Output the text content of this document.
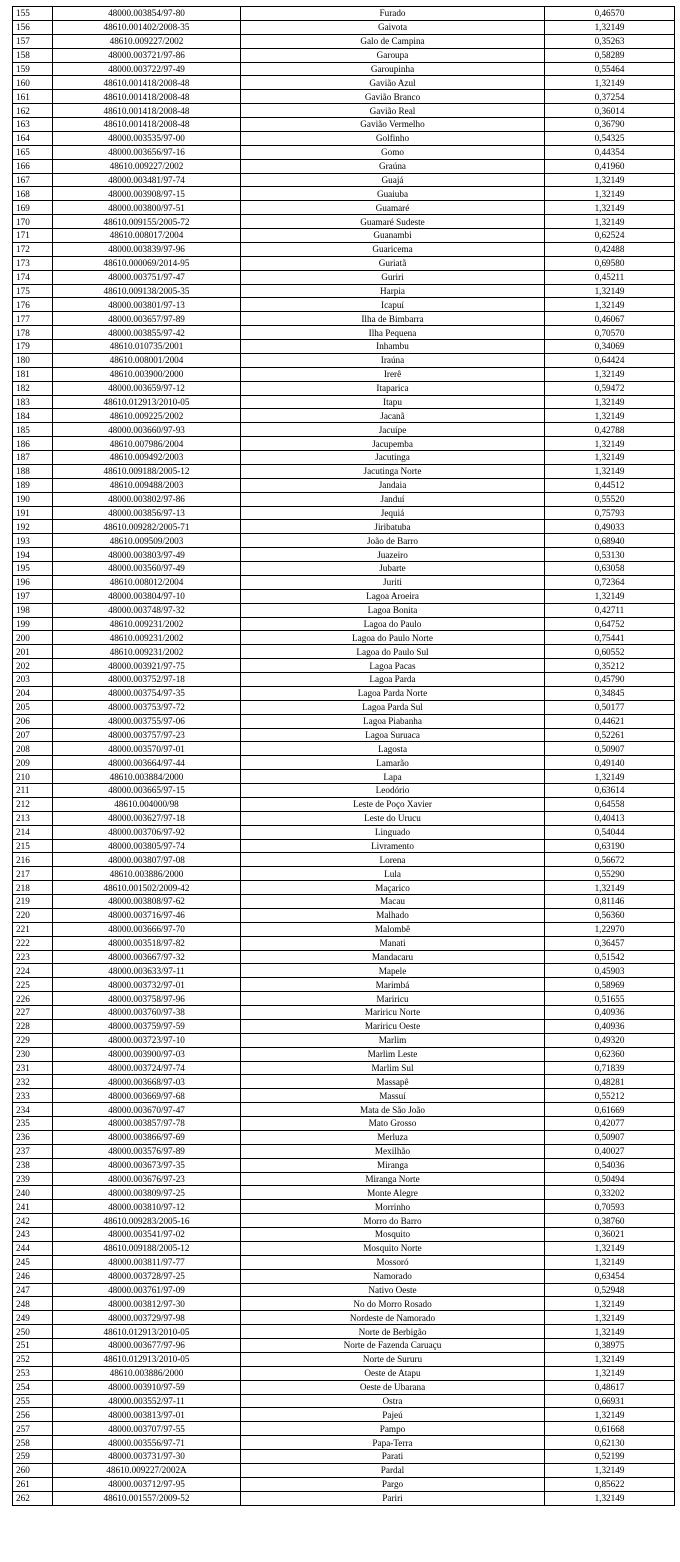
155	48000.003854/97-80	Furado	0,46570
156	48610.001402/2008-35	Gaivota	1,32149
157	48610.009227/2002	Galo de Campina	0,35263
158	48000.003721/97-86	Garoupa	0,58289
159	48000.003722/97-49	Garoupinha	0,55464
160	48610.001418/2008-48	Gavião Azul	1,32149
161	48610.001418/2008-48	Gavião Branco	0,37254
162	48610.001418/2008-48	Gavião Real	0,36014
163	48610.001418/2008-48	Gavião Vermelho	0,36790
164	48000.003535/97-00	Golfinho	0,54325
165	48000.003656/97-16	Gomo	0,44354
166	48610.009227/2002	Graúna	0,41960
167	48000.003481/97-74	Guajá	1,32149
168	48000.003908/97-15	Guaiuba	1,32149
169	48000.003800/97-51	Guamaré	1,32149
170	48610.009155/2005-72	Guamaré Sudeste	1,32149
171	48610.008017/2004	Guanambi	0,62524
172	48000.003839/97-96	Guaricema	0,42488
173	48610.000069/2014-95	Guriatã	0,69580
174	48000.003751/97-47	Guriri	0,45211
175	48610.009138/2005-35	Harpia	1,32149
176	48000.003801/97-13	Icapuí	1,32149
177	48000.003657/97-89	Ilha de Bimbarra	0,46067
178	48000.003855/97-42	Ilha Pequena	0,70570
179	48610.010735/2001	Inhambu	0,34069
180	48610.008001/2004	Iraúna	0,64424
181	48610.003900/2000	Irerê	1,32149
182	48000.003659/97-12	Itaparica	0,59472
183	48610.012913/2010-05	Itapu	1,32149
184	48610.009225/2002	Jacanã	1,32149
185	48000.003660/97-93	Jacuípe	0,42788
186	48610.007986/2004	Jacupemba	1,32149
187	48610.009492/2003	Jacutinga	1,32149
188	48610.009188/2005-12	Jacutinga Norte	1,32149
189	48610.009488/2003	Jandaia	0,44512
190	48000.003802/97-86	Janduí	0,55520
191	48000.003856/97-13	Jequiá	0,75793
192	48610.009282/2005-71	Jiribatuba	0,49033
193	48610.009509/2003	João de Barro	0,68940
194	48000.003803/97-49	Juazeiro	0,53130
195	48000.003560/97-49	Jubarte	0,63058
196	48610.008012/2004	Juriti	0,72364
197	48000.003804/97-10	Lagoa Aroeira	1,32149
198	48000.003748/97-32	Lagoa Bonita	0,42711
199	48610.009231/2002	Lagoa do Paulo	0,64752
200	48610.009231/2002	Lagoa do Paulo Norte	0,75441
201	48610.009231/2002	Lagoa do Paulo Sul	0,60552
202	48000.003921/97-75	Lagoa Pacas	0,35212
203	48000.003752/97-18	Lagoa Parda	0,45790
204	48000.003754/97-35	Lagoa Parda Norte	0,34845
205	48000.003753/97-72	Lagoa Parda Sul	0,50177
206	48000.003755/97-06	Lagoa Piabanha	0,44621
207	48000.003757/97-23	Lagoa Suruaca	0,52261
208	48000.003570/97-01	Lagosta	0,50907
209	48000.003664/97-44	Lamarão	0,49140
210	48610.003884/2000	Lapa	1,32149
211	48000.003665/97-15	Leodório	0,63614
212	48610.004000/98	Leste de Poço Xavier	0,64558
213	48000.003627/97-18	Leste do Urucu	0,40413
214	48000.003706/97-92	Linguado	0,54044
215	48000.003805/97-74	Livramento	0,63190
216	48000.003807/97-08	Lorena	0,56672
217	48610.003886/2000	Lula	0,55290
218	48610.001502/2009-42	Maçarico	1,32149
219	48000.003808/97-62	Macau	0,81146
220	48000.003716/97-46	Malhado	0,56360
221	48000.003666/97-70	Malombê	1,22970
222	48000.003518/97-82	Manati	0,36457
223	48000.003667/97-32	Mandacaru	0,51542
224	48000.003633/97-11	Mapele	0,45903
225	48000.003732/97-01	Marimbá	0,58969
226	48000.003758/97-96	Mariricu	0,51655
227	48000.003760/97-38	Mariricu Norte	0,40936
228	48000.003759/97-59	Mariricu Oeste	0,40936
229	48000.003723/97-10	Marlim	0,49320
230	48000.003900/97-03	Marlim Leste	0,62360
231	48000.003724/97-74	Marlim Sul	0,71839
232	48000.003668/97-03	Massapê	0,48281
233	48000.003669/97-68	Massuí	0,55212
234	48000.003670/97-47	Mata de São João	0,61669
235	48000.003857/97-78	Mato Grosso	0,42077
236	48000.003866/97-69	Merluza	0,50907
237	48000.003576/97-89	Mexilhão	0,40027
238	48000.003673/97-35	Miranga	0,54036
239	48000.003676/97-23	Miranga Norte	0,50494
240	48000.003809/97-25	Monte Alegre	0,33202
241	48000.003810/97-12	Morrinho	0,70593
242	48610.009283/2005-16	Morro do Barro	0,38760
243	48000.003541/97-02	Mosquito	0,36021
244	48610.009188/2005-12	Mosquito Norte	1,32149
245	48000.003811/97-77	Mossoró	1,32149
246	48000.003728/97-25	Namorado	0,63454
247	48000.003761/97-09	Nativo Oeste	0,52948
248	48000.003812/97-30	No do Morro Rosado	1,32149
249	48000.003729/97-98	Nordeste de Namorado	1,32149
250	48610.012913/2010-05	Norte de Berbigão	1,32149
251	48000.003677/97-96	Norte de Fazenda Caruaçu	0,38975
252	48610.012913/2010-05	Norte de Sururu	1,32149
253	48610.003886/2000	Oeste de Atapu	1,32149
254	48000.003910/97-59	Oeste de Ubarana	0,48617
255	48000.003552/97-11	Ostra	0,66931
256	48000.003813/97-01	Pajeú	1,32149
257	48000.003707/97-55	Pampo	0,61668
258	48000.003556/97-71	Papa-Terra	0,62130
259	48000.003731/97-30	Parati	0,52199
260	48610.009227/2002A	Pardal	1,32149
261	48000.003712/97-95	Pargo	0,85622
262	48610.001557/2009-52	Pariri	1,32149
